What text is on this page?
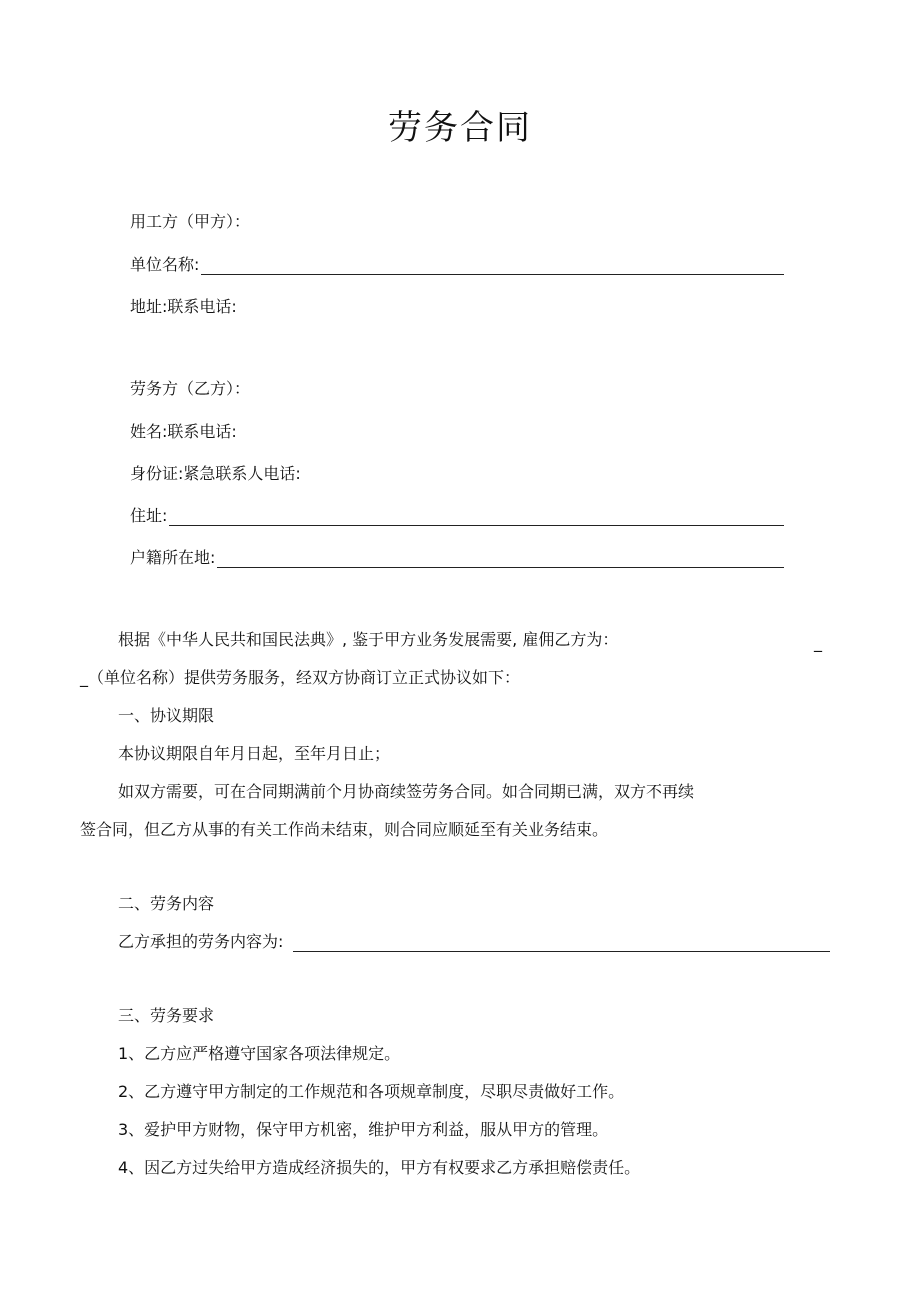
劳务合同
用工方（甲方）：
单位名称:
地址:联系电话:
劳务方（乙方）：
姓名:联系电话:
身份证:紧急联系人电话:
住址:
户籍所在地:
根据《中华人民共和国民法典》, 鉴于甲方业务发展需要, 雇佣乙方为：	_
_（单位名称）提供劳务服务，经双方协商订立正式协议如下：
一、协议期限
本协议期限自年月日起，至年月日止；
如双方需要，可在合同期满前个月协商续签劳务合同。如合同期已满，双方不再续
签合同，但乙方从事的有关工作尚未结束，则合同应顺延至有关业务结束。
二、劳务内容
乙方承担的劳务内容为:
三、劳务要求
1、乙方应严格遵守国家各项法律规定。
2、乙方遵守甲方制定的工作规范和各项规章制度，尽职尽责做好工作。
3、爱护甲方财物，保守甲方机密，维护甲方利益，服从甲方的管理。
4、因乙方过失给甲方造成经济损失的，甲方有权要求乙方承担赔偿责任。
